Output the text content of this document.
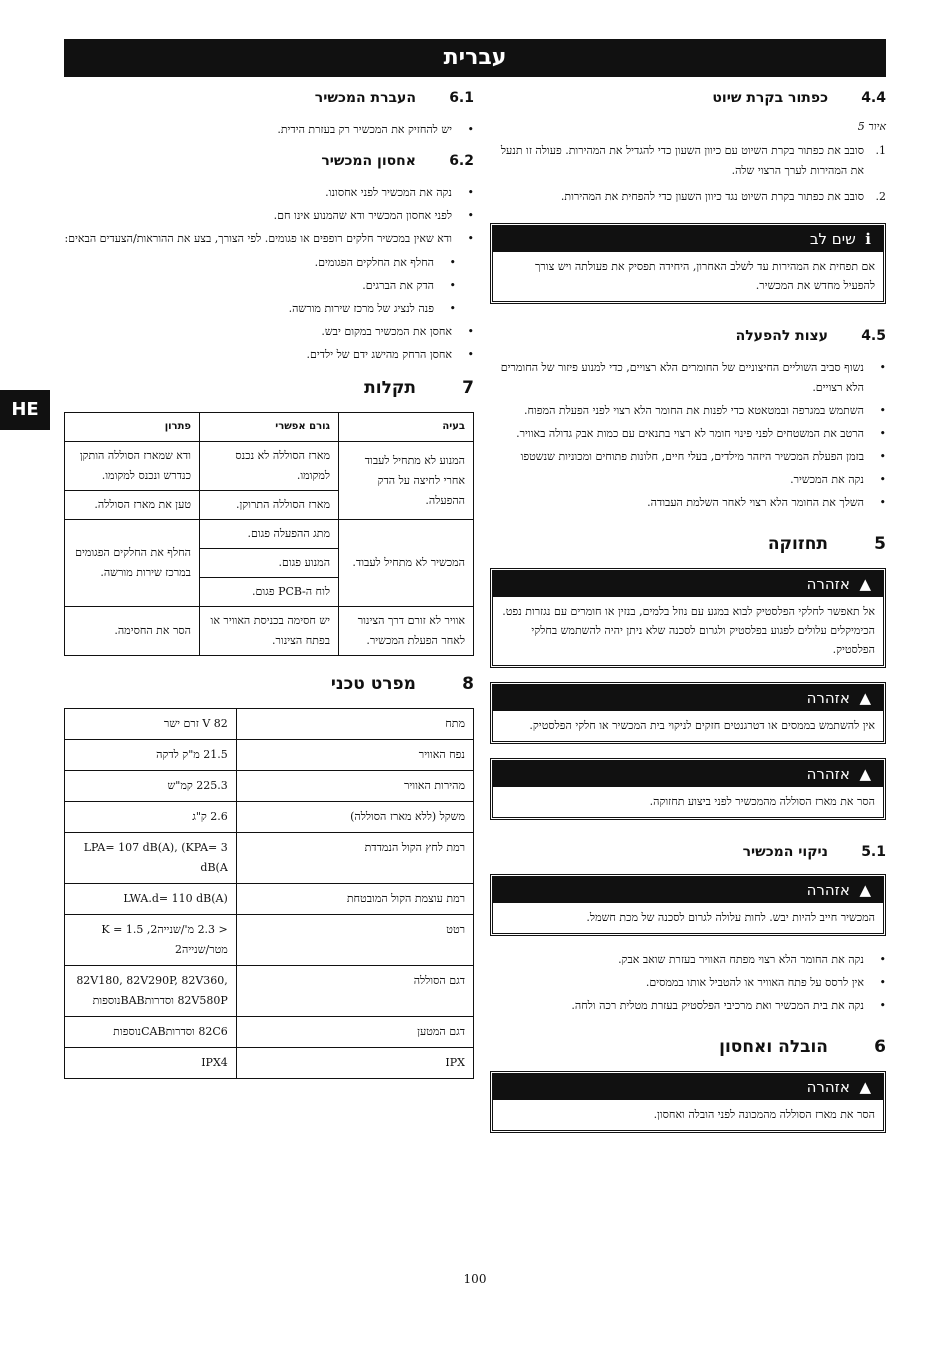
עברית
HE
4.4
כפתור בקרת שיוט
איור 5
1.
סובב את כפתור בקרת השיוט עם כיוון השעון כדי להגדיל את המהירות. פעולה זו תנעל את המהירות לערך הרצוי שלה.
2.
סובב את כפתור בקרת השיוט נגד כיוון השעון כדי להפחית את המהירות.
ℹ  שים לב
אם תפחית את המהירות עד לשלב האחרון, היחידה תפסיק את פעולתה ויש צורך להפעיל מחדש את המכשיר.
4.5
עצות להפעלה
• נשוף סביב השוליים החיצוניים של החומרים הלא רצויים, כדי למנוע פיזור של החומרים הלא רצויים.
• השתמש במגרפה ובמטאטא כדי לפנות את החומר הלא רצוי לפני הפעלת המפוח.
• הרטב את המשטחים לפני פינוי חומר לא רצוי בתנאים עם כמות אבק גדולה באוויר.
• בזמן הפעלת המכשיר היזהר מילדים, בעלי חיים, חלונות פתוחים ומכוניות שנשטפו
• נקה את המכשיר.
• השלך את החומר הלא רצוי לאחר השלמת העבודה.
5
תחזוקה
▲  אזהרה
אל תאפשר לחלקי הפלסטיק לבוא במגע עם נוזל בלמים, בנזין או חומרים עם נגזרות נפט. הכימיקלים עלולים לפגוע בפלסטיק ולגרום לסכנה שלא ניתן יהיה להשתמש בחלקי הפלסטיק.
▲  אזהרה
אין להשתמש בממסים או דטרגנטים חזקים לניקוי בית המכשיר או חלקי הפלסטיק.
▲  אזהרה
הסר את מארז הסוללה מהמכשיר לפני ביצוע תחזוקה.
5.1
ניקוי המכשיר
▲  אזהרה
המכשיר חייב להיות יבש. לחות עלולה לגרום לסכנה של מכת חשמל.
• נקה את החומר הלא רצוי מפתח האוויר בעזרת שואב אבק.
• אין לרסס על פתח האוויר או להטביל אותו בממסים.
• נקה את בית המכשיר ואת מרכיבי הפלסטיק בעזרת מטלית רכה ולחה.
6
הובלה ואחסון
▲  אזהרה
הסר את מארז הסוללה מהמכונה לפני הובלה ואחסון.
6.1
העברת המכשיר
• יש להחזיק את המכשיר רק בעזרת הידית.
6.2
אחסון המכשיר
• נקה את המכשיר לפני אחסונו.
• לפני אחסון המכשיר ודא שהמנוע אינו חם.
• ודא שאין במכשיר חלקים רופפים או פגומים. לפי הצורך, בצע את ההוראות/הצעדים הבאים:
• החלף את החלקים הפגומים.
• הדק את הברגים.
• פנה לנציג של מרכז שירות מורשה.
• אחסן את המכשיר במקום יבש.
• אחסן הרחק מהישג ידם של ילדים.
7
תקלות
בעיה	גורם אפשרי	פתרון
המנוע לא מתחיל לעבוד אחרי לחיצה על הדק ההפעלה.	מארז הסוללה לא נכנס למקומו.	ודא שמארז הסוללה הותקן כנדרש ונכנס למקומו.
	מארז הסוללה התרוקן.	טען את מארז הסוללה.
המכשיר לא מתחיל לעבוד.	מתג ההפעלה פגום.	החלף את החלקים הפגומים במרכז שירות מורשה.
	המנוע פגום.	
	לוח ה-PCB פגום.	
אוויר לא זורם דרך הצינור לאחר הפעלת המכשיר.	יש חסימה בכניסת האוויר או בפתח הצינור.	הסר את החסימה.
8
מפרט טכני
מתח	82 V זרם ישר
נפח האוויר	21.5 מ"ק לדקה
מהירות האוויר	225.3 קמ"ש
משקל (ללא מארז הסוללה)	2.6 ק"ג
רמת לחץ הקול הנמדדת	LPA= 107 dB(A), (KPA= 3 dB(A
רמת עוצמת הקול המובטחת	(LWA.d= 110 dB(A
רטט	< 2.3 מ'/שנייה2, K = 1.5 מטר/שנייה2
דגם הסוללה	82V180, 82V290P, 82V360, 82V580P וסדרותBABנוספות
דגם המטען	82C6 וסדרותCABנוספות
IPX	IPX4
100
